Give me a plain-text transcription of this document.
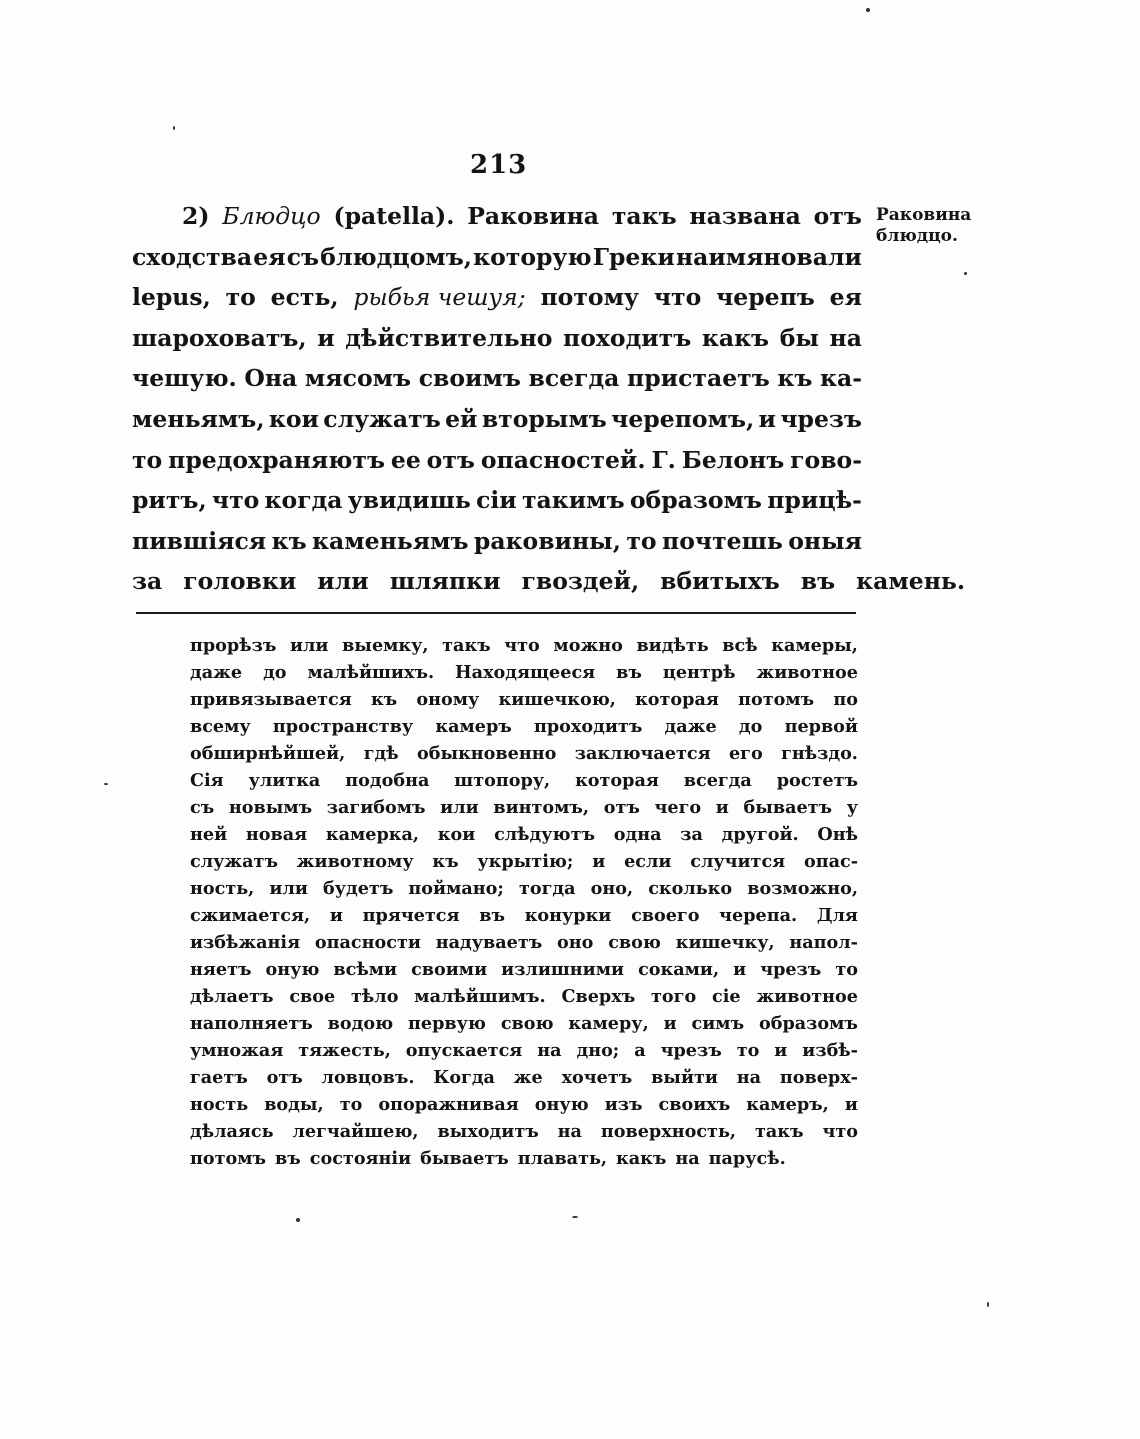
213
2) Блюдцо (patella). Раковина такъ названа отъ
сходства ея съ блюдцомъ, которую Греки наимяновали
lepus, то есть, рыбья чешуя; потому что черепъ ея
шароховатъ, и дѣйствительно походитъ какъ бы на
чешую. Она мясомъ своимъ всегда пристаетъ къ ка-
меньямъ, кои служатъ ей вторымъ черепомъ, и чрезъ
то предохраняютъ ее отъ опасностей. Г. Белонъ гово-
ритъ, что когда увидишь сіи такимъ образомъ прицѣ-
пившіяся къ каменьямъ раковины, то почтешь оныя
за головки или шляпки гвоздей, вбитыхъ въ камень.
Раковина
блюдцо.
прорѣзъ или выемку, такъ что можно видѣть всѣ камеры,
даже до малѣйшихъ. Находящееся въ центрѣ животное
привязывается къ оному кишечкою, которая потомъ по
всему пространству камеръ проходитъ даже до первой
обширнѣйшей, гдѣ обыкновенно заключается его гнѣздо.
Сія улитка подобна штопору, которая всегда ростетъ
съ новымъ загибомъ или винтомъ, отъ чего и бываетъ у
ней новая камерка, кои слѣдуютъ одна за другой. Онѣ
служатъ животному къ укрытію; и если случится опас-
ность, или будетъ поймано; тогда оно, сколько возможно,
сжимается, и прячется въ конурки своего черепа. Для
избѣжанія опасности надуваетъ оно свою кишечку, напол-
няетъ оную всѣми своими излишними соками, и чрезъ то
дѣлаетъ свое тѣло малѣйшимъ. Сверхъ того сіе животное
наполняетъ водою первую свою камеру, и симъ образомъ
умножая тяжесть, опускается на дно; а чрезъ то и избѣ-
гаетъ отъ ловцовъ. Когда же хочетъ выйти на поверх-
ность воды, то опоражнивая оную изъ своихъ камеръ, и
дѣлаясь легчайшею, выходитъ на поверхность, такъ что
потомъ въ состояніи бываетъ плавать, какъ на парусѣ.
